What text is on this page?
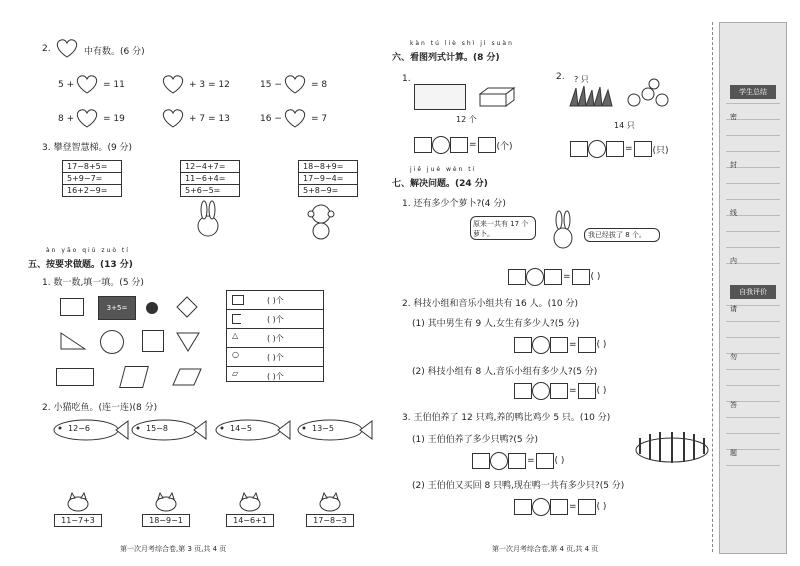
2.	中有数。(6 分)
5 +	= 11	+ 3 = 12	15 −	= 8
8 +	= 19	+ 7 = 13	16 −	= 7
3. 攀登智慧梯。(9 分)
17−8+5=
5+9−7=
16+2−9=
12−4+7=
11−6+4=
5+6−5=
18−8+9=
17−9−4=
5+8−9=
àn yāo qiú zuò tí
五、按要求做题。(13 分)
1. 数一数,填一填。(5 分)
3+5=
( )个
( )个
△	( )个
○	( )个
▱	( )个
2. 小猫吃鱼。(连一连)(8 分)
12−6	15−8	14−5	13−5
11−7+3	18−9−1	14−6+1	17−8−3
第一次月考综合卷,第 3 页,共 4 页
kàn tú liè shì jì suàn
六、看图列式计算。(8 分)
1.
12 个
= (个)
2. ? 只
14 只
= (只)
jiě jué wèn tí
七、解决问题。(24 分)
1. 还有多少个萝卜?(4 分)
原来一共有 17 个萝卜。	我已经拔了 8 个。
= ( )
2. 科技小组和音乐小组共有 16 人。(10 分)
(1) 其中男生有 9 人,女生有多少人?(5 分)
= ( )
(2) 科技小组有 8 人,音乐小组有多少人?(5 分)
= ( )
3. 王伯伯养了 12 只鸡,养的鸭比鸡少 5 只。(10 分)
(1) 王伯伯养了多少只鸭?(5 分)
= ( )
(2) 王伯伯又买回 8 只鸭,现在鸭一共有多少只?(5 分)
= ( )
第一次月考综合卷,第 4 页,共 4 页
学生总结
自我评价
密
封
线
内
请
勿
答
题
